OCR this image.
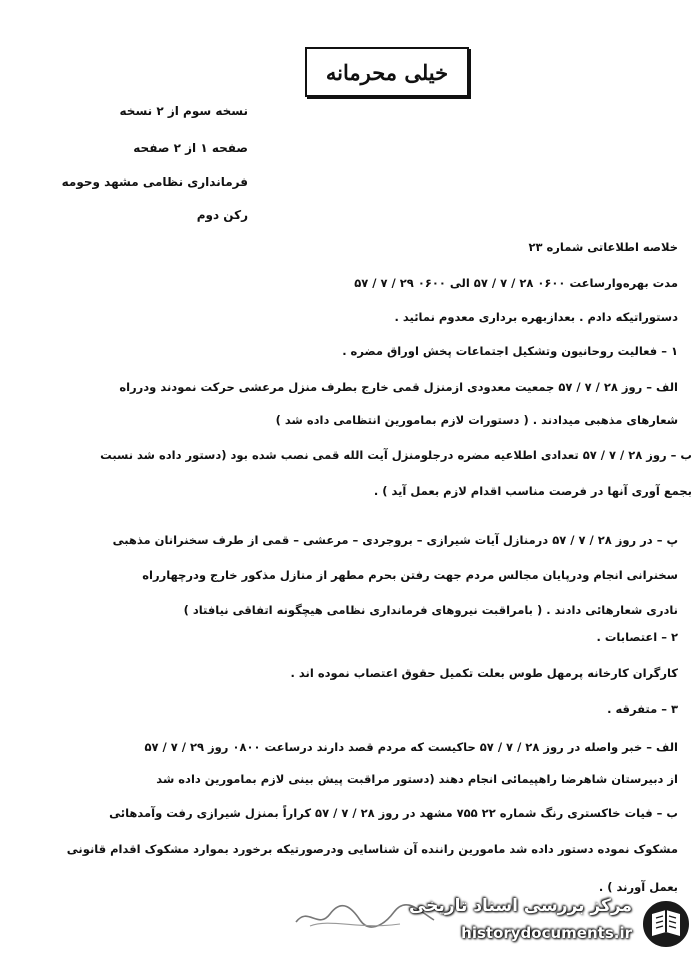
خیلی محرمانه
نسخه سوم از ۲ نسخه
صفحه ۱ از ۲ صفحه
فرمانداری نظامی مشهد وحومه
رکن دوم
خلاصه اطلاعاتی شماره ۲۳
مدت بهره‌وارساعت ۰۶۰۰ ۲۸ / ۷ / ۵۷ الی ۰۶۰۰ ۲۹ / ۷ / ۵۷
دستوراتیکه دادم . بعدازبهره برداری معدوم نمائید .
۱ – فعالیت روحانیون وتشکیل اجتماعات پخش اوراق مضره .
الف – روز ۲۸ / ۷ / ۵۷ جمعیت معدودی ازمنزل قمی خارج بطرف منزل مرعشی حرکت نمودند ودرراه
شعارهای مذهبی میدادند . ( دستورات لازم بمامورین انتظامی داده شد )
ب – روز ۲۸ / ۷ / ۵۷ تعدادی اطلاعیه مضره درجلومنزل آیت الله قمی نصب شده بود (دستور داده شد نسبت
بجمع آوری آنها در فرصت مناسب اقدام لازم بعمل آید ) .
پ – در روز ۲۸ / ۷ / ۵۷ درمنازل آیات شیرازی – بروجردی – مرعشی – قمی از طرف سخنرانان مذهبی
سخنرانی انجام ودرپایان مجالس مردم جهت رفتن بحرم مطهر از منازل مذکور خارج ودرچهارراه
نادری شعارهائی دادند . ( بامراقبت نیروهای فرمانداری نظامی هیچگونه اتفاقی نیافتاد )
۲ – اعتصابات .
کارگران کارخانه پرمهل طوس بعلت تکمیل حقوق اعتصاب نموده اند .
۳ – متفرقه .
الف – خبر واصله در روز ۲۸ / ۷ / ۵۷ حاکیست که مردم قصد دارند درساعت ۰۸۰۰ روز ۲۹ / ۷ / ۵۷
از دبیرستان شاهرضا راهپیمائی انجام دهند (دستور مراقبت پیش بینی لازم بمامورین داده شد
ب – فیات خاکستری رنگ شماره ۲۲ ۷۵۵ مشهد در روز ۲۸ / ۷ / ۵۷ کراراً بمنزل شیرازی رفت وآمدهائی
مشکوک نموده دستور داده شد مامورین راننده آن شناسایی ودرصورتیکه برخورد بموارد مشکوک اقدام قانونی
بعمل آورند ) .
مرکز بررسی اسناد تاریخی
historydocuments.ir
